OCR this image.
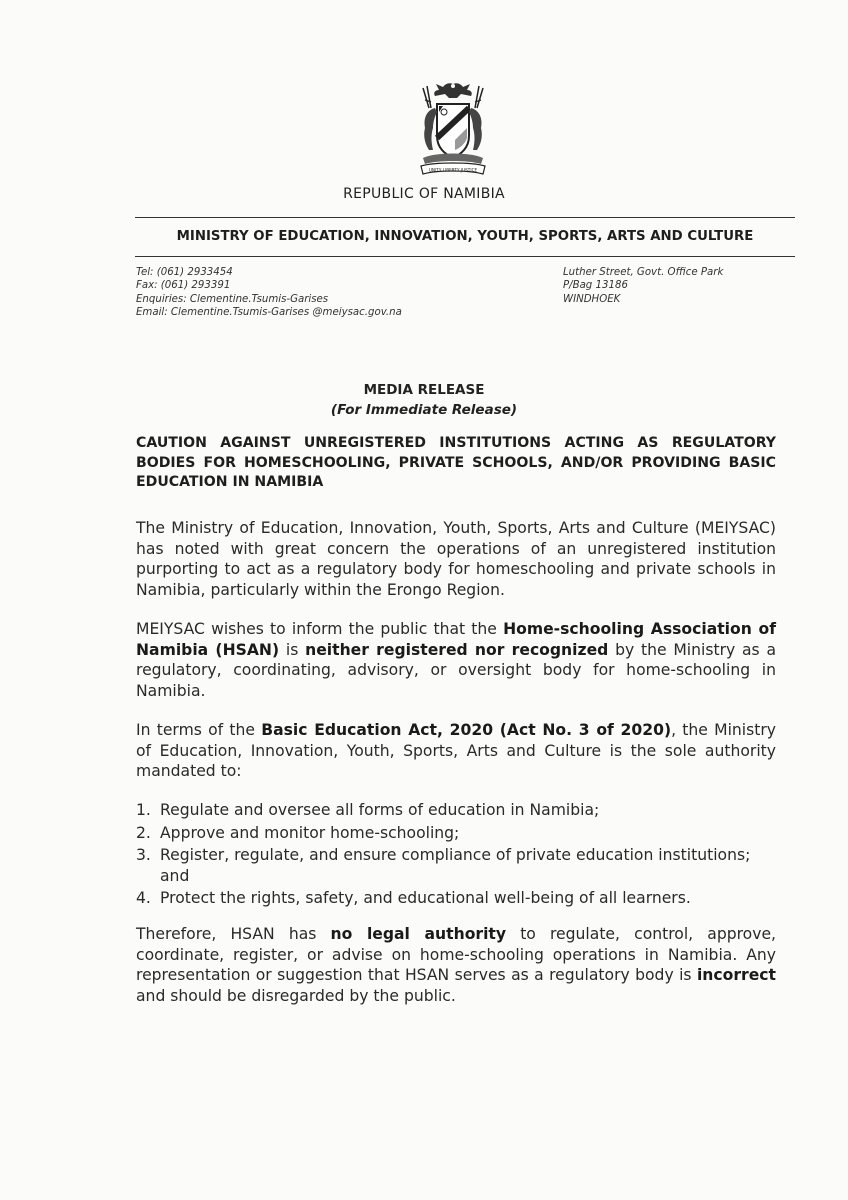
UNITY LIBERTY JUSTICE
REPUBLIC OF NAMIBIA
MINISTRY OF EDUCATION, INNOVATION, YOUTH, SPORTS, ARTS AND CULTURE
Tel: (061) 2933454
Fax: (061) 293391
Enquiries: Clementine.Tsumis-Garises
Email: Clementine.Tsumis-Garises @meiysac.gov.na
Luther Street, Govt. Office Park
P/Bag 13186
WINDHOEK
MEDIA RELEASE
(For Immediate Release)
CAUTION AGAINST UNREGISTERED INSTITUTIONS ACTING AS REGULATORY BODIES FOR HOMESCHOOLING, PRIVATE SCHOOLS, AND/OR PROVIDING BASIC EDUCATION IN NAMIBIA
The Ministry of Education, Innovation, Youth, Sports, Arts and Culture (MEIYSAC) has noted with great concern the operations of an unregistered institution purporting to act as a regulatory body for homeschooling and private schools in Namibia, particularly within the Erongo Region.
MEIYSAC wishes to inform the public that the Home-schooling Association of Namibia (HSAN) is neither registered nor recognized by the Ministry as a regulatory, coordinating, advisory, or oversight body for home-schooling in Namibia.
In terms of the Basic Education Act, 2020 (Act No. 3 of 2020), the Ministry of Education, Innovation, Youth, Sports, Arts and Culture is the sole authority mandated to:
1. Regulate and oversee all forms of education in Namibia;
2. Approve and monitor home-schooling;
3. Register, regulate, and ensure compliance of private education institutions; and
4. Protect the rights, safety, and educational well-being of all learners.
Therefore, HSAN has no legal authority to regulate, control, approve, coordinate, register, or advise on home-schooling operations in Namibia. Any representation or suggestion that HSAN serves as a regulatory body is incorrect and should be disregarded by the public.
